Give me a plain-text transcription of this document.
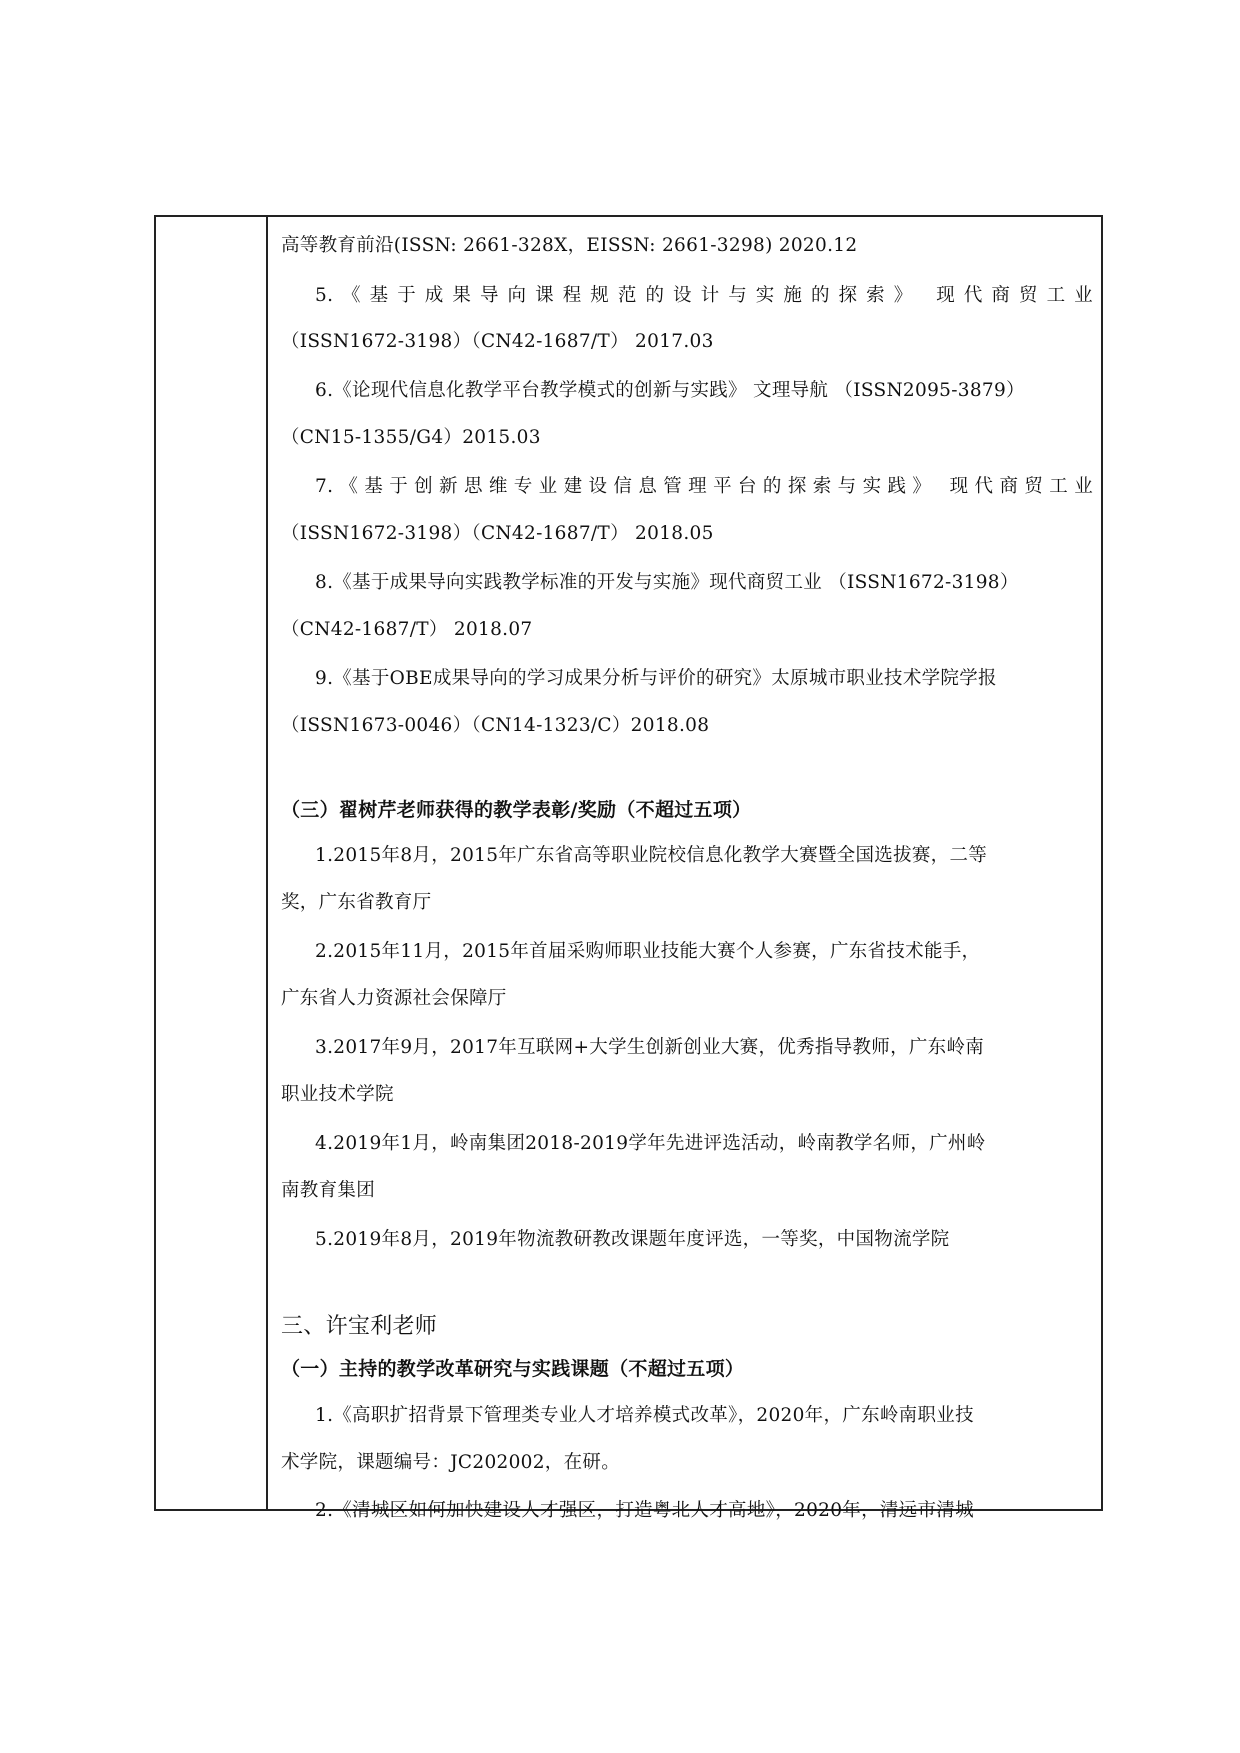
高等教育前沿(ISSN: 2661-328X，EISSN: 2661-3298) 2020.12
5.《基于成果导向课程规范的设计与实施的探索》 现代商贸工业
（ISSN1672-3198）（CN42-1687/T） 2017.03
6.《论现代信息化教学平台教学模式的创新与实践》 文理导航 （ISSN2095-3879）
（CN15-1355/G4）2015.03
7.《基于创新思维专业建设信息管理平台的探索与实践》 现代商贸工业
（ISSN1672-3198）（CN42-1687/T） 2018.05
8.《基于成果导向实践教学标准的开发与实施》现代商贸工业 （ISSN1672-3198）
（CN42-1687/T） 2018.07
9.《基于OBE成果导向的学习成果分析与评价的研究》太原城市职业技术学院学报
（ISSN1673-0046）（CN14-1323/C）2018.08
（三）翟树芹老师获得的教学表彰/奖励（不超过五项）
1.2015年8月，2015年广东省高等职业院校信息化教学大赛暨全国选拔赛，二等
奖，广东省教育厅
2.2015年11月，2015年首届采购师职业技能大赛个人参赛，广东省技术能手，
广东省人力资源社会保障厅
3.2017年9月，2017年互联网+大学生创新创业大赛，优秀指导教师，广东岭南
职业技术学院
4.2019年1月，岭南集团2018-2019学年先进评选活动，岭南教学名师，广州岭
南教育集团
5.2019年8月，2019年物流教研教改课题年度评选，一等奖，中国物流学院
三、许宝利老师
（一）主持的教学改革研究与实践课题（不超过五项）
1.《高职扩招背景下管理类专业人才培养模式改革》，2020年，广东岭南职业技
术学院，课题编号：JC202002，在研。
2.《清城区如何加快建设人才强区，打造粤北人才高地》，2020年，清远市清城
